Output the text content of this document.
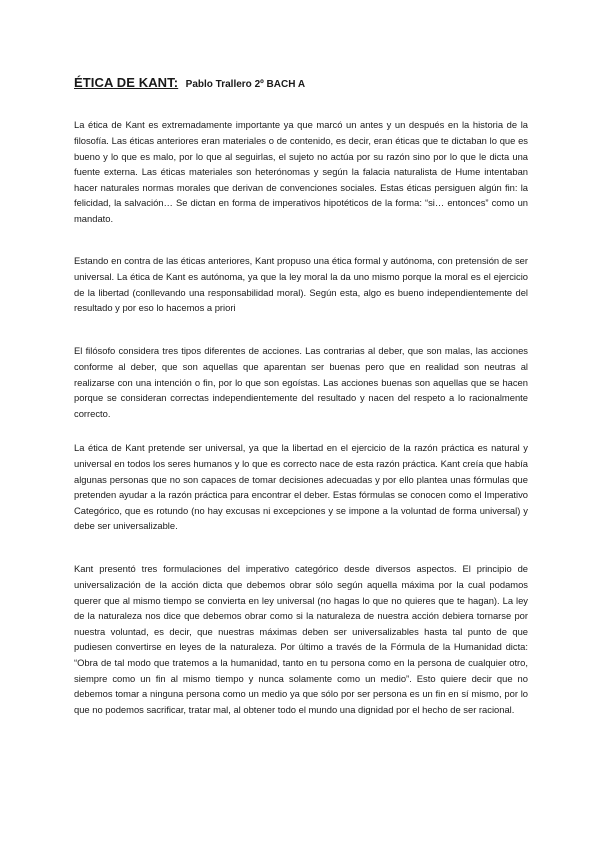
ÉTICA DE KANT: Pablo Trallero 2º BACH A

La ética de Kant es extremadamente importante ya que marcó un antes y un después en la historia de la filosofía. Las éticas anteriores eran materiales o de contenido, es decir, eran éticas que te dictaban lo que es bueno y lo que es malo, por lo que al seguirlas, el sujeto no actúa por su razón sino por lo que le dicta una fuente externa. Las éticas materiales son heterónomas y según la falacia naturalista de Hume intentaban hacer naturales normas morales que derivan de convenciones sociales. Estas éticas persiguen algún fin: la felicidad, la salvación… Se dictan en forma de imperativos hipotéticos de la forma: “si… entonces” como un mandato.

Estando en contra de las éticas anteriores, Kant propuso una ética formal y autónoma, con pretensión de ser universal. La ética de Kant es autónoma, ya que la ley moral la da uno mismo porque la moral es el ejercicio de la libertad (conllevando una responsabilidad moral). Según esta, algo es bueno independientemente del resultado y por eso lo hacemos a priori

El filósofo considera tres tipos diferentes de acciones. Las contrarias al deber, que son malas, las acciones conforme al deber, que son aquellas que aparentan ser buenas pero que en realidad son neutras al realizarse con una intención o fin, por lo que son egoístas. Las acciones buenas son aquellas que se hacen porque se consideran correctas independientemente del resultado y nacen del respeto a lo racionalmente correcto.

La ética de Kant pretende ser universal, ya que la libertad en el ejercicio de la razón práctica es natural y universal en todos los seres humanos y lo que es correcto nace de esta razón práctica. Kant creía que había algunas personas que no son capaces de tomar decisiones adecuadas y por ello plantea unas fórmulas que pretenden ayudar a la razón práctica para encontrar el deber. Estas fórmulas se conocen como el Imperativo Categórico, que es rotundo (no hay excusas ni excepciones y se impone a la voluntad de forma universal) y debe ser universalizable.

Kant presentó tres formulaciones del imperativo categórico desde diversos aspectos. El principio de universalización de la acción dicta que debemos obrar sólo según aquella máxima por la cual podamos querer que al mismo tiempo se convierta en ley universal (no hagas lo que no quieres que te hagan). La ley de la naturaleza nos dice que debemos obrar como si la naturaleza de nuestra acción debiera tornarse por nuestra voluntad, es decir, que nuestras máximas deben ser universalizables hasta tal punto de que pudiesen convertirse en leyes de la naturaleza. Por último a través de la Fórmula de la Humanidad dicta: “Obra de tal modo que tratemos a la humanidad, tanto en tu persona como en la persona de cualquier otro, siempre como un fin al mismo tiempo y nunca solamente como un medio”. Esto quiere decir que no debemos tomar a ninguna persona como un medio ya que sólo por ser persona es un fin en sí mismo, por lo que no podemos sacrificar, tratar mal, al obtener todo el mundo una dignidad por el hecho de ser racional.
